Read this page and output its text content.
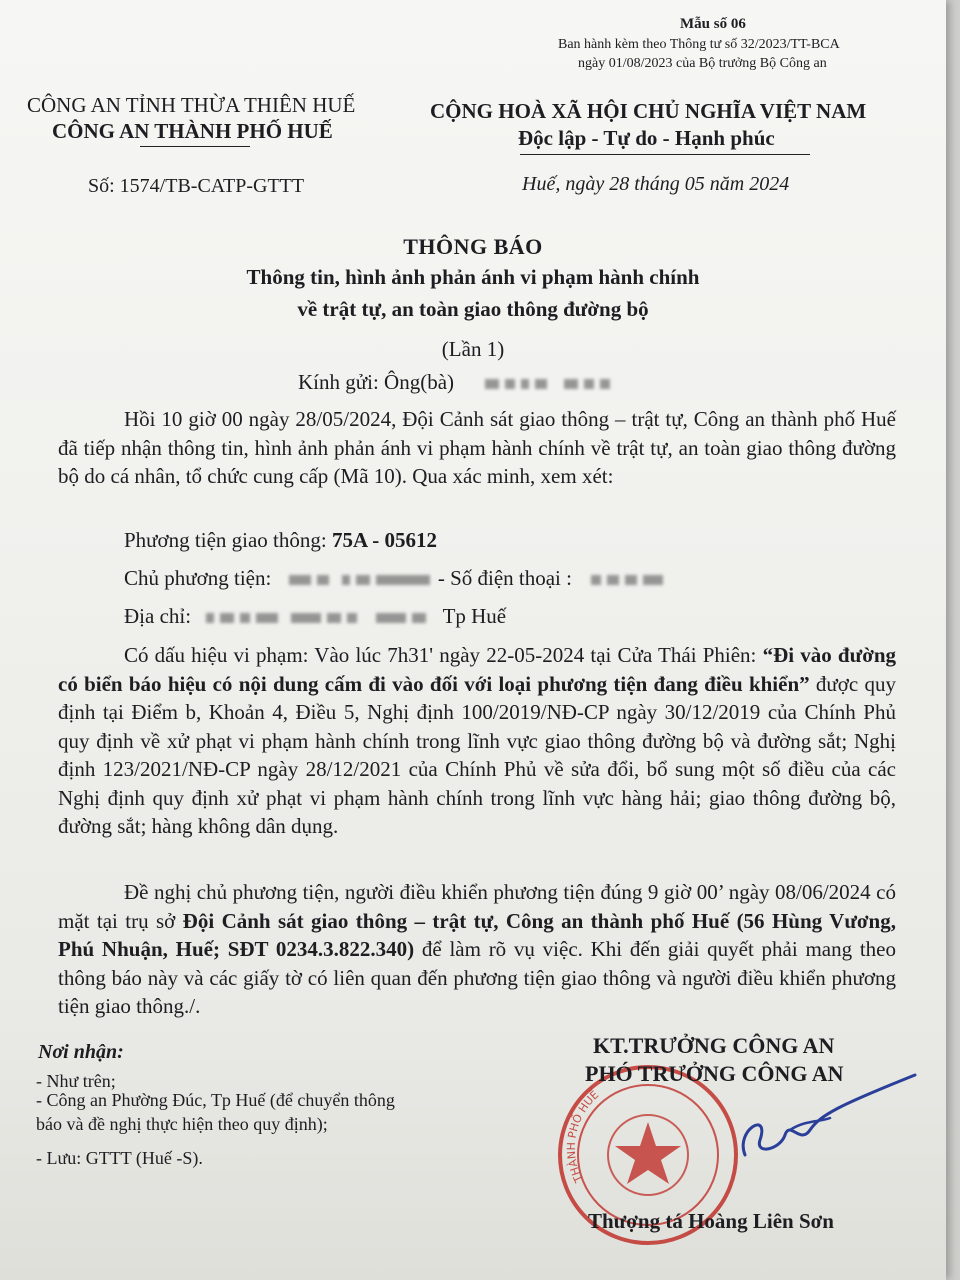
Mẫu số 06
Ban hành kèm theo Thông tư số 32/2023/TT-BCA
ngày 01/08/2023 của Bộ trưởng Bộ Công an
CÔNG AN TỈNH THỪA THIÊN HUẾ
CÔNG AN THÀNH PHỐ HUẾ
CỘNG HOÀ XÃ HỘI CHỦ NGHĨA VIỆT NAM
Độc lập - Tự do - Hạnh phúc
Số: 1574/TB-CATP-GTTT	Huế, ngày 28 tháng 05 năm 2024
THÔNG BÁO
Thông tin, hình ảnh phản ánh vi phạm hành chính
về trật tự, an toàn giao thông đường bộ
(Lần 1)
Kính gửi: Ông(bà)
Hồi 10 giờ 00 ngày 28/05/2024, Đội Cảnh sát giao thông – trật tự, Công an thành phố Huế đã tiếp nhận thông tin, hình ảnh phản ánh vi phạm hành chính về trật tự, an toàn giao thông đường bộ do cá nhân, tổ chức cung cấp (Mã 10). Qua xác minh, xem xét:
Phương tiện giao thông: 75A - 05612
Chủ phương tiện:	- Số điện thoại :
Địa chỉ:	Tp Huế
Có dấu hiệu vi phạm: Vào lúc 7h31' ngày 22-05-2024 tại Cửa Thái Phiên: “Đi vào đường có biển báo hiệu có nội dung cấm đi vào đối với loại phương tiện đang điều khiển” được quy định tại Điểm b, Khoản 4, Điều 5, Nghị định 100/2019/NĐ-CP ngày 30/12/2019 của Chính Phủ quy định về xử phạt vi phạm hành chính trong lĩnh vực giao thông đường bộ và đường sắt; Nghị định 123/2021/NĐ-CP ngày 28/12/2021 của Chính Phủ về sửa đổi, bổ sung một số điều của các Nghị định quy định xử phạt vi phạm hành chính trong lĩnh vực hàng hải; giao thông đường bộ, đường sắt; hàng không dân dụng.
Đề nghị chủ phương tiện, người điều khiển phương tiện đúng 9 giờ 00’ ngày 08/06/2024 có mặt tại trụ sở Đội Cảnh sát giao thông – trật tự, Công an thành phố Huế (56 Hùng Vương, Phú Nhuận, Huế; SĐT 0234.3.822.340) để làm rõ vụ việc. Khi đến giải quyết phải mang theo thông báo này và các giấy tờ có liên quan đến phương tiện giao thông và người điều khiển phương tiện giao thông./.
Nơi nhận:
- Như trên;
- Công an Phường Đúc, Tp Huế (để chuyển thông
báo và đề nghị thực hiện theo quy định);
- Lưu: GTTT (Huế -S).
THÀNH PHỐ HUẾ
KT.TRƯỞNG CÔNG AN
PHÓ TRƯỞNG CÔNG AN
Thượng tá Hoàng Liên Sơn
